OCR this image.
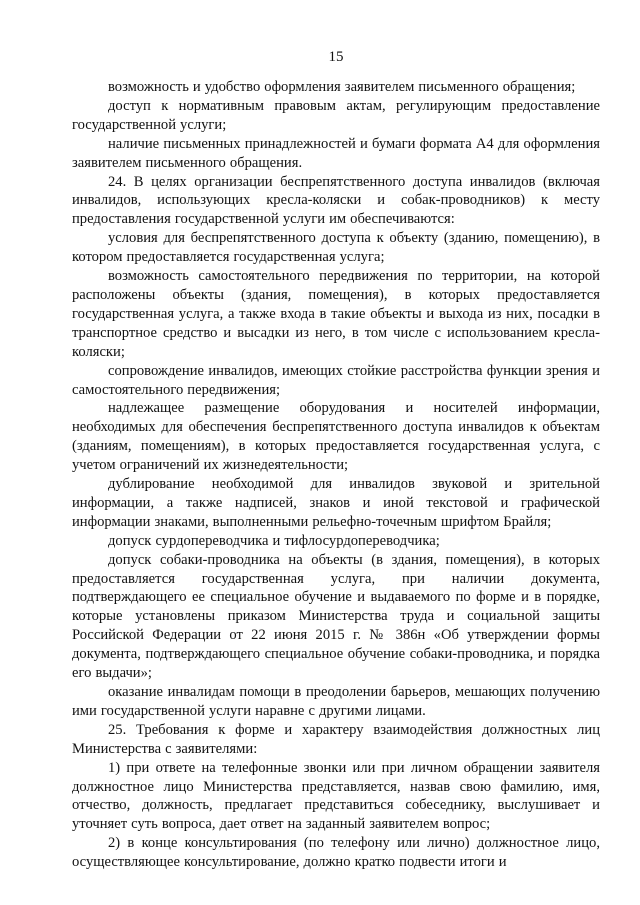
15

возможность и удобство оформления заявителем письменного обращения;

доступ к нормативным правовым актам, регулирующим предоставление государственной услуги;

наличие письменных принадлежностей и бумаги формата А4 для оформления заявителем письменного обращения.

24. В целях организации беспрепятственного доступа инвалидов (включая инвалидов, использующих кресла-коляски и собак-проводников) к месту предоставления государственной услуги им обеспечиваются:

условия для беспрепятственного доступа к объекту (зданию, помещению), в котором предоставляется государственная услуга;

возможность самостоятельного передвижения по территории, на которой расположены объекты (здания, помещения), в которых предоставляется государственная услуга, а также входа в такие объекты и выхода из них, посадки в транспортное средство и высадки из него, в том числе с использованием кресла-коляски;

сопровождение инвалидов, имеющих стойкие расстройства функции зрения и самостоятельного передвижения;

надлежащее размещение оборудования и носителей информации, необходимых для обеспечения беспрепятственного доступа инвалидов к объектам (зданиям, помещениям), в которых предоставляется государственная услуга, с учетом ограничений их жизнедеятельности;

дублирование необходимой для инвалидов звуковой и зрительной информации, а также надписей, знаков и иной текстовой и графической информации знаками, выполненными рельефно-точечным шрифтом Брайля;

допуск сурдопереводчика и тифлосурдопереводчика;

допуск собаки-проводника на объекты (в здания, помещения), в которых предоставляется государственная услуга, при наличии документа, подтверждающего ее специальное обучение и выдаваемого по форме и в порядке, которые установлены приказом Министерства труда и социальной защиты Российской Федерации от 22 июня 2015 г. № 386н «Об утверждении формы документа, подтверждающего специальное обучение собаки-проводника, и порядка его выдачи»;

оказание инвалидам помощи в преодолении барьеров, мешающих получению ими государственной услуги наравне с другими лицами.

25. Требования к форме и характеру взаимодействия должностных лиц Министерства с заявителями:

1) при ответе на телефонные звонки или при личном обращении заявителя должностное лицо Министерства представляется, назвав свою фамилию, имя, отчество, должность, предлагает представиться собеседнику, выслушивает и уточняет суть вопроса, дает ответ на заданный заявителем вопрос;

2) в конце консультирования (по телефону или лично) должностное лицо, осуществляющее консультирование, должно кратко подвести итоги и
